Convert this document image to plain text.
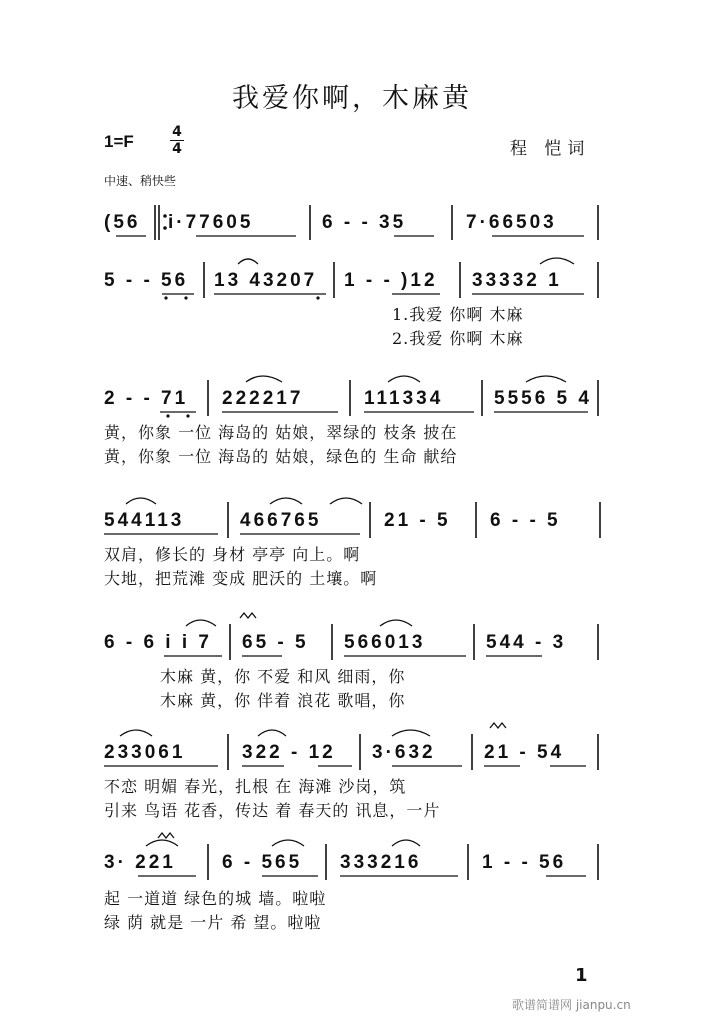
我爱你啊，木麻黄
1=F	4
4	程 恺词
中速、稍快些
(56 i·77605	6 - - 35	7·66503
5 - - 56 13 43207 1 - - )12 33332 1
1.我爱 你啊 木麻
2.我爱 你啊 木麻
2 - - 71 222217	111334	5556 5 4
黄，你象 一位 海岛的 姑娘，翠绿的 枝条 披在
黄，你象 一位 海岛的 姑娘，绿色的 生命 献给
544113	466765	21 - 5 6 - - 5
双肩，修长的 身材 亭亭 向上。啊
大地，把荒滩 变成 肥沃的 土壤。啊
6 - 6 i i 7 65 - 5 566013	544 - 3
木麻 黄，你 不爱 和风 细雨，你
木麻 黄，你 伴着 浪花 歌唱，你
233061	322 - 12 3·632	21 - 54
不恋 明媚 春光，扎根 在 海滩 沙岗，筑
引来 鸟语 花香，传达 着 春天的 讯息，一片
3· 221 6 - 565 333216	1 - - 56
起 一道道 绿色的城 墙。啦啦
绿 荫 就是 一片 希 望。啦啦
1
歌谱简谱网 jianpu.cn
